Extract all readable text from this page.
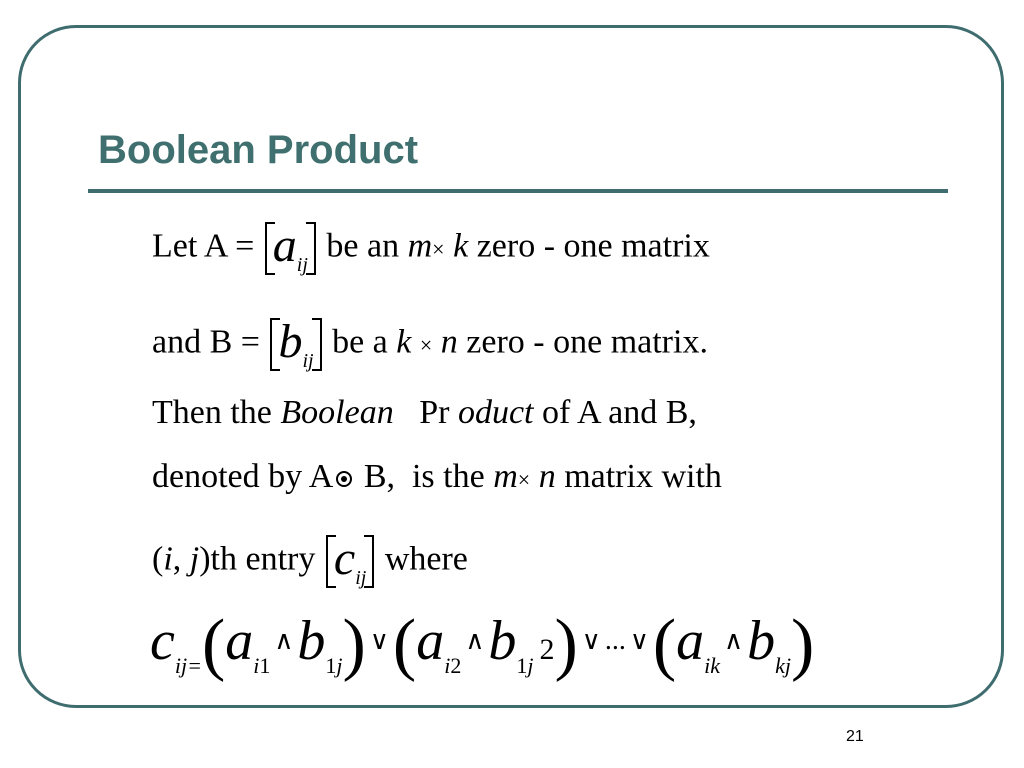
Boolean Product
Let $A = a_{ij}$ be an m× k zero - one matrix
and $B = b_{ij}$ be a k × n zero - one matrix.
Then the Boolean   Pr oduct of A and B,
denoted by A B,  is the m× n matrix with
(i, j)th entry $c_{ij}$ where
$c_{ij=}(a_{i1}^\wedge b_{1j})$ $^\vee(a_{i2}^\wedge b_{1j}$ 2) ∨ ... $^\vee(a_{ik}^\wedge b_{kj})$
21
